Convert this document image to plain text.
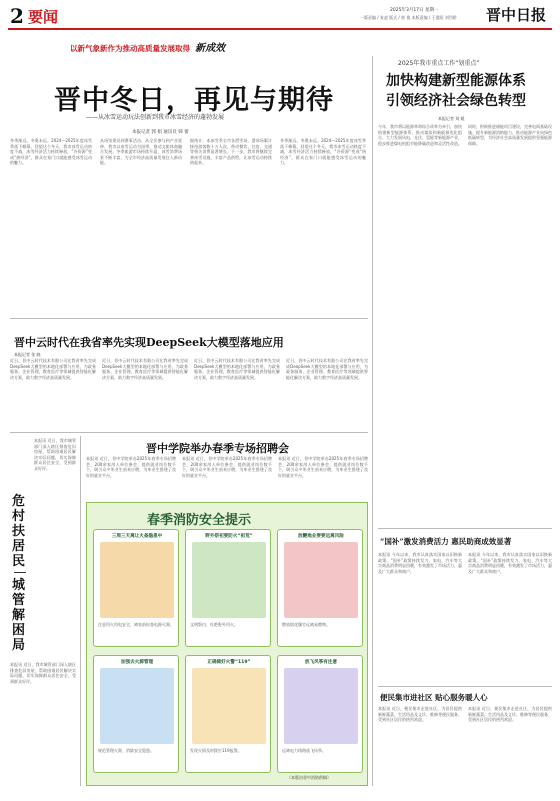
2 要闻	2025年3月17日 星期一
一版责编 / 张凌 版式 / 崔 俊 本版责编 / 王重阳 刘烈桥 晋中日报
以新气象新作为推动高质量发展取得 新成效
晋中冬日，再见与期待
——从冰雪运动玩法创新到我市冰雪经济的蓬勃发展
本报记者 郭 娟 通讯员 韩 蕾
冬季渐远，冬奥未远。2024—2025年度冰雪季落下帷幕。回望这个冬天，我市冰雪运动热度不减，冰雪经济活力持续释放，“冷资源”变成“热经济”，群众在家门口就能感受冰雪运动的魅力。
从场馆建设到赛事活动，从全民参与到产业延伸，我市以冰雪运动为纽带，推动文旅体商融合发展，冬季旅游市场持续升温，冰雪消费场景不断丰富，为全市经济高质量发展注入新动能。
据统计，本冰雪季全市各滑雪场、滑冰场累计接待游客数十万人次，带动餐饮、住宿、交通等相关消费显著增长。下一步，我市将继续完善冰雪设施，丰富产品供给，让冰雪运动持续热起来。
冬季渐远，冬奥未远。2024—2025年度冰雪季落下帷幕。回望这个冬天，我市冰雪运动热度不减，冰雪经济活力持续释放，“冷资源”变成“热经济”，群众在家门口就能感受冰雪运动的魅力。
2025年我市重点工作“划重点”
加快构建新型能源体系
引领经济社会绿色转型
本报记者 刘 媛
今年，我市将以能源革命综合改革为牵引，加快构建新型能源体系，推动煤炭和新能源优化组合，大力发展风电、光伏、氢能等新能源产业，稳步推进煤电机组节能降碳改造和灵活性改造。
同时，积极推进储能项目建设，完善电网基础设施，提升新能源消纳能力，推动能源产业向绿色低碳转型，为经济社会高质量发展提供坚强能源保障。
晋中云时代在我省率先实现DeepSeek大模型落地应用
本报记者 张 晓
近日，晋中云时代技术有限公司在我省率先完成DeepSeek大模型的本地化部署与应用，为政务服务、企业管理、教育医疗等领域提供智能化解决方案，助力数字经济高质量发展。
近日，晋中云时代技术有限公司在我省率先完成DeepSeek大模型的本地化部署与应用，为政务服务、企业管理、教育医疗等领域提供智能化解决方案，助力数字经济高质量发展。
近日，晋中云时代技术有限公司在我省率先完成DeepSeek大模型的本地化部署与应用，为政务服务、企业管理、教育医疗等领域提供智能化解决方案，助力数字经济高质量发展。
近日，晋中云时代技术有限公司在我省率先完成DeepSeek大模型的本地化部署与应用，为政务服务、企业管理、教育医疗等领域提供智能化解决方案，助力数字经济高质量发展。
危村扶居民
城管解困局
本报讯 近日，我市城管部门深入辖区排查危旧房屋，帮助困难居民解决实际问题，切实保障群众居住安全，受到群众好评。
本报讯 近日，我市城管部门深入辖区排查危旧房屋，帮助困难居民解决实际问题，切实保障群众居住安全，受到群众好评。
晋中学院举办春季专场招聘会
本报讯 近日，晋中学院举办2025年春季专场招聘会，200余家用人单位参会，提供就业岗位数千个，吸引众多毕业生前来应聘，为毕业生搭建了良好的就业平台。
本报讯 近日，晋中学院举办2025年春季专场招聘会，200余家用人单位参会，提供就业岗位数千个，吸引众多毕业生前来应聘，为毕业生搭建了良好的就业平台。
本报讯 近日，晋中学院举办2025年春季专场招聘会，200余家用人单位参会，提供就业岗位数千个，吸引众多毕业生前来应聘，为毕业生搭建了良好的就业平台。
春季消防安全提示
三周三天离让火备隐患中
注意用火用电安全，离家前检查电源火源。
野外祭祀要防火“祖荒”
文明祭扫，杜绝野外用火。
放鞭炮业要要远离风险
燃放烟花爆竹远离易燃物。
加强去火源管理
规范管理火源，消除安全隐患。
正确做好火警“119”
发现火情及时拨打119报警。
放飞风筝有注意
远离电力线路放飞风筝。
（本版由晋中消防供稿）
“国补”激发消费活力 惠民助商成效显著
本报讯 今年以来，我市认真落实国家以旧换新政策，“国补”政策持续发力，家电、汽车等大宗商品消费明显回暖，有效激发了市场活力，惠及广大群众和商户。
本报讯 今年以来，我市认真落实国家以旧换新政策，“国补”政策持续发力，家电、汽车等大宗商品消费明显回暖，有效激发了市场活力，惠及广大群众和商户。
便民集市进社区 贴心服务暖人心
本报讯 近日，便民集市走进社区，为居民提供新鲜蔬菜、生活用品及义诊、维修等便民服务，受到社区居民的热烈欢迎。
本报讯 近日，便民集市走进社区，为居民提供新鲜蔬菜、生活用品及义诊、维修等便民服务，受到社区居民的热烈欢迎。
